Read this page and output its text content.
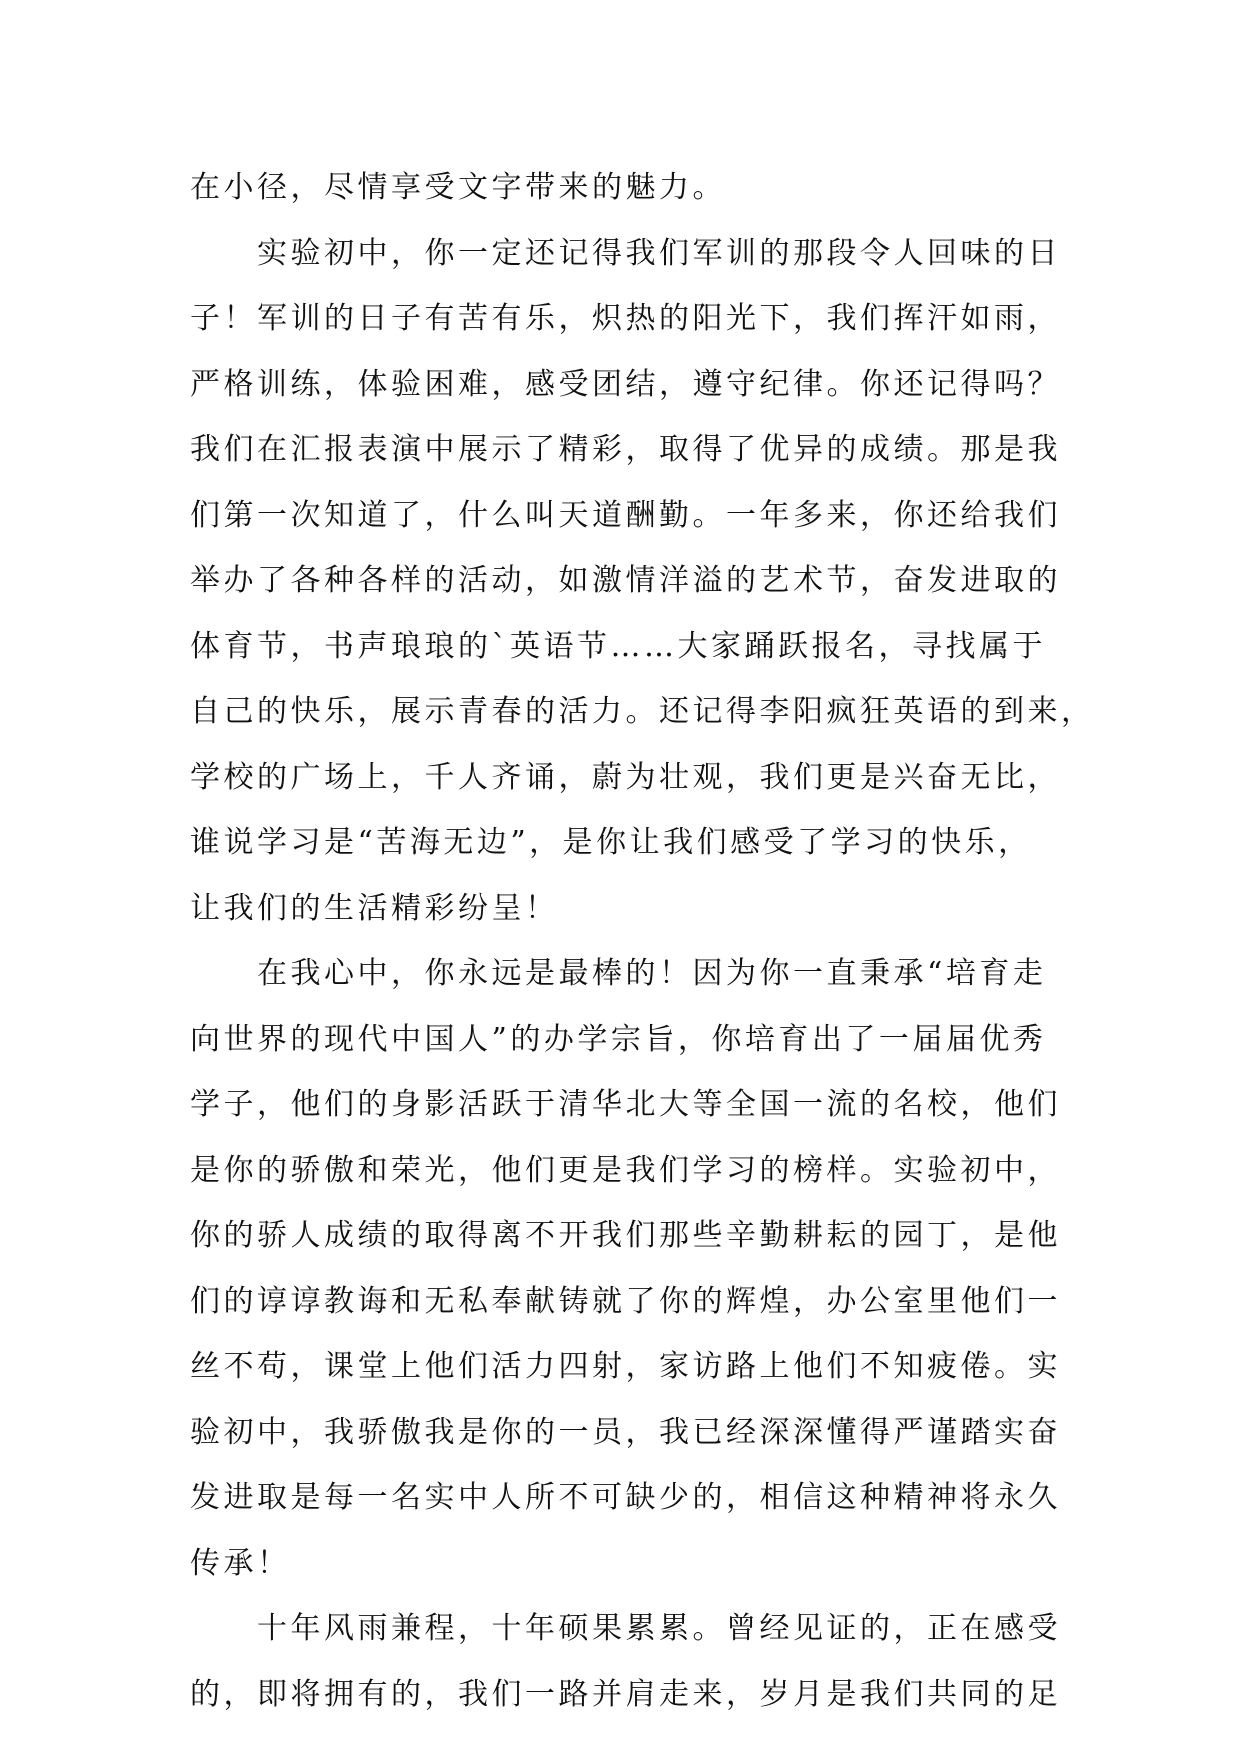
在小径，尽情享受文字带来的魅力。
　　实验初中，你一定还记得我们军训的那段令人回味的日
子！军训的日子有苦有乐，炽热的阳光下，我们挥汗如雨，
严格训练，体验困难，感受团结，遵守纪律。你还记得吗？
我们在汇报表演中展示了精彩，取得了优异的成绩。那是我
们第一次知道了，什么叫天道酬勤。一年多来，你还给我们
举办了各种各样的活动，如激情洋溢的艺术节，奋发进取的
体育节，书声琅琅的`英语节……大家踊跃报名，寻找属于
自己的快乐，展示青春的活力。还记得李阳疯狂英语的到来，
学校的广场上，千人齐诵，蔚为壮观，我们更是兴奋无比，
谁说学习是“苦海无边”，是你让我们感受了学习的快乐，
让我们的生活精彩纷呈！
　　在我心中，你永远是最棒的！因为你一直秉承“培育走
向世界的现代中国人”的办学宗旨，你培育出了一届届优秀
学子，他们的身影活跃于清华北大等全国一流的名校，他们
是你的骄傲和荣光，他们更是我们学习的榜样。实验初中，
你的骄人成绩的取得离不开我们那些辛勤耕耘的园丁，是他
们的谆谆教诲和无私奉献铸就了你的辉煌，办公室里他们一
丝不苟，课堂上他们活力四射，家访路上他们不知疲倦。实
验初中，我骄傲我是你的一员，我已经深深懂得严谨踏实奋
发进取是每一名实中人所不可缺少的，相信这种精神将永久
传承！
　　十年风雨兼程，十年硕果累累。曾经见证的，正在感受
的，即将拥有的，我们一路并肩走来，岁月是我们共同的足
